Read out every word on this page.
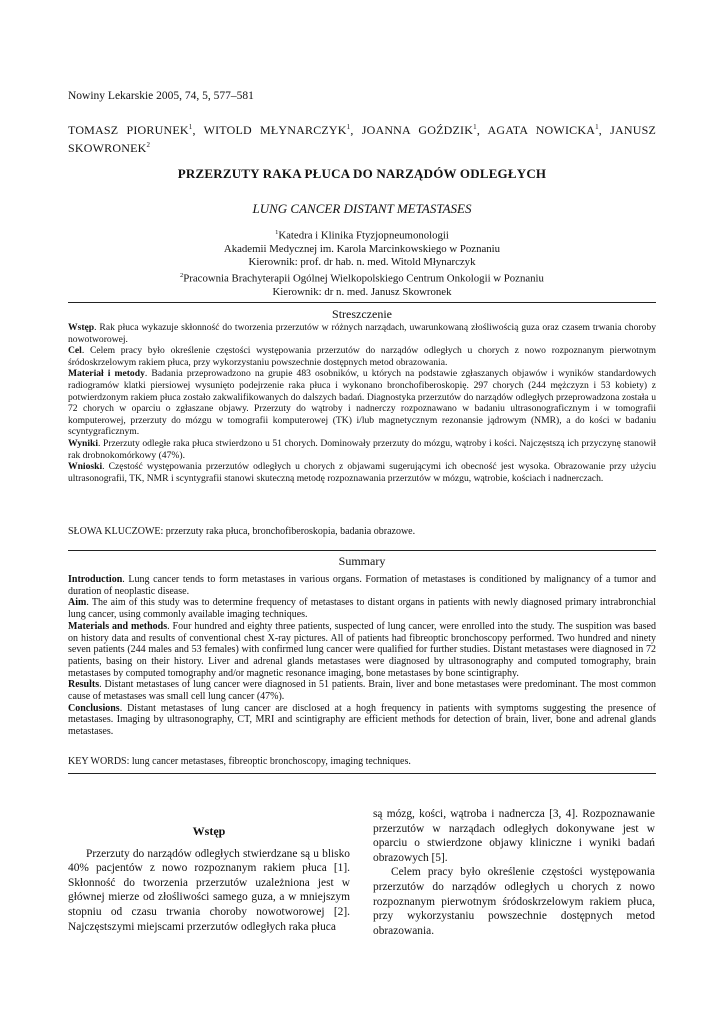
Nowiny Lekarskie 2005, 74, 5, 577–581
TOMASZ PIORUNEK$^1$, WITOLD MŁYNARCZYK$^1$, JOANNA GOŹDZIK$^1$, AGATA NOWICKA$^1$, JANUSZ SKOWRONEK$^2$
PRZERZUTY RAKA PŁUCA DO NARZĄDÓW ODLEGŁYCH
LUNG CANCER DISTANT METASTASES
$^1$Katedra i Klinika Ftyzjopneumonologii
Akademii Medycznej im. Karola Marcinkowskiego w Poznaniu
Kierownik: prof. dr hab. n. med. Witold Młynarczyk
$^2$Pracownia Brachyterapii Ogólnej Wielkopolskiego Centrum Onkologii w Poznaniu
Kierownik: dr n. med. Janusz Skowronek
Streszczenie

Wstęp. Rak płuca wykazuje skłonność do tworzenia przerzutów w różnych narządach, uwarunkowaną złośliwością guza oraz czasem trwania choroby nowotworowej.

Cel. Celem pracy było określenie częstości występowania przerzutów do narządów odległych u chorych z nowo rozpoznanym pierwotnym śródoskrzelowym rakiem płuca, przy wykorzystaniu powszechnie dostępnych metod obrazowania.

Materiał i metody. Badania przeprowadzono na grupie 483 osobników, u których na podstawie zgłaszanych objawów i wyników standardowych radiogramów klatki piersiowej wysunięto podejrzenie raka płuca i wykonano bronchofiberoskopię. 297 chorych (244 mężczyzn i 53 kobiety) z potwierdzonym rakiem płuca zostało zakwalifikowanych do dalszych badań. Diagnostyka przerzutów do narządów odległych przeprowadzona została u 72 chorych w oparciu o zgłaszane objawy. Przerzuty do wątroby i nadnerczy rozpoznawano w badaniu ultrasonograficznym i w tomografii komputerowej, przerzuty do mózgu w tomografii komputerowej (TK) i/lub magnetycznym rezonansie jądrowym (NMR), a do kości w badaniu scyntygraficznym.

Wyniki. Przerzuty odległe raka płuca stwierdzono u 51 chorych. Dominowały przerzuty do mózgu, wątroby i kości. Najczęstszą ich przyczynę stanowił rak drobnokomórkowy (47%).

Wnioski. Częstość występowania przerzutów odległych u chorych z objawami sugerującymi ich obecność jest wysoka. Obrazowanie przy użyciu ultrasonografii, TK, NMR i scyntygrafii stanowi skuteczną metodę rozpoznawania przerzutów w mózgu, wątrobie, kościach i nadnerczach.

SŁOWA KLUCZOWE: przerzuty raka płuca, bronchofiberoskopia, badania obrazowe.
Summary

Introduction. Lung cancer tends to form metastases in various organs. Formation of metastases is conditioned by malignancy of a tumor and duration of neoplastic disease.

Aim. The aim of this study was to determine frequency of metastases to distant organs in patients with newly diagnosed primary intrabronchial lung cancer, using commonly available imaging techniques.

Materials and methods. Four hundred and eighty three patients, suspected of lung cancer, were enrolled into the study. The suspition was based on history data and results of conventional chest X-ray pictures. All of patients had fibreoptic bronchoscopy performed. Two hundred and ninety seven patients (244 males and 53 females) with confirmed lung cancer were qualified for further studies. Distant metastases were diagnosed in 72 patients, basing on their history. Liver and adrenal glands metastases were diagnosed by ultrasonography and computed tomography, brain metastases by computed tomography and/or magnetic resonance imaging, bone metastases by bone scintigraphy.

Results. Distant metastases of lung cancer were diagnosed in 51 patients. Brain, liver and bone metastases were predominant. The most common cause of metastases was small cell lung cancer (47%).

Conclusions. Distant metastases of lung cancer are disclosed at a hogh frequency in patients with symptoms suggesting the presence of metastases. Imaging by ultrasonography, CT, MRI and scintigraphy are efficient methods for detection of brain, liver, bone and adrenal glands metastases.

KEY WORDS: lung cancer metastases, fibreoptic bronchoscopy, imaging techniques.
Wstęp

Przerzuty do narządów odległych stwierdzane są u blisko 40% pacjentów z nowo rozpoznanym rakiem płuca [1]. Skłonność do tworzenia przerzutów uzależniona jest w głównej mierze od złośliwości samego guza, a w mniejszym stopniu od czasu trwania choroby nowotworowej [2]. Najczęstszymi miejscami przerzutów odległych raka płuca

są mózg, kości, wątroba i nadnercza [3, 4]. Rozpoznawanie przerzutów w narządach odległych dokonywane jest w oparciu o stwierdzone objawy kliniczne i wyniki badań obrazowych [5].

Celem pracy było określenie częstości występowania przerzutów do narządów odległych u chorych z nowo rozpoznanym pierwotnym śródoskrzelowym rakiem płuca, przy wykorzystaniu powszechnie dostępnych metod obrazowania.
